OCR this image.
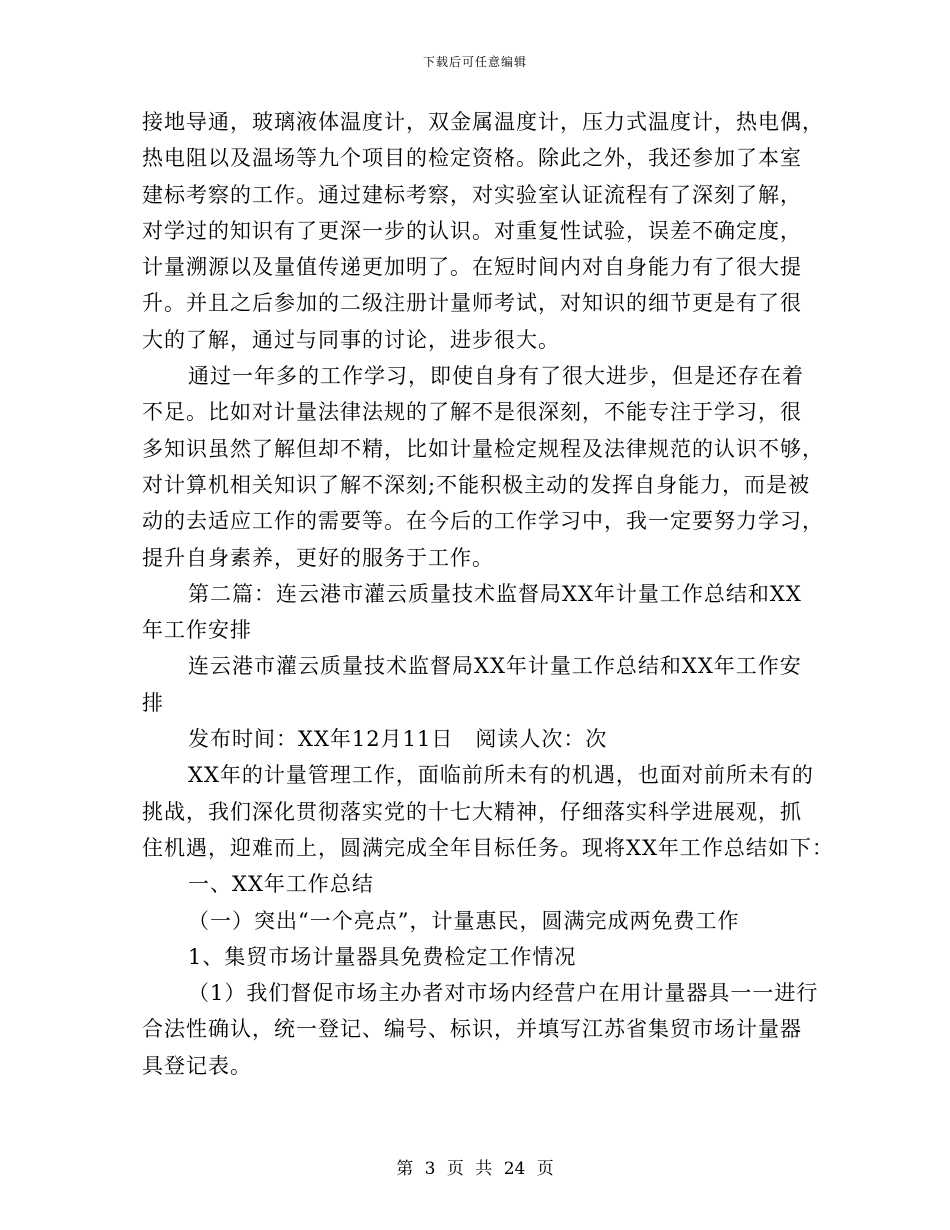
下载后可任意编辑
接地导通，玻璃液体温度计，双金属温度计，压力式温度计，热电偶，
热电阻以及温场等九个项目的检定资格。除此之外，我还参加了本室
建标考察的工作。通过建标考察，对实验室认证流程有了深刻了解，
对学过的知识有了更深一步的认识。对重复性试验，误差不确定度，
计量溯源以及量值传递更加明了。在短时间内对自身能力有了很大提
升。并且之后参加的二级注册计量师考试，对知识的细节更是有了很
大的了解，通过与同事的讨论，进步很大。
通过一年多的工作学习，即使自身有了很大进步，但是还存在着
不足。比如对计量法律法规的了解不是很深刻，不能专注于学习，很
多知识虽然了解但却不精，比如计量检定规程及法律规范的认识不够，
对计算机相关知识了解不深刻;不能积极主动的发挥自身能力，而是被
动的去适应工作的需要等。在今后的工作学习中，我一定要努力学习，
提升自身素养，更好的服务于工作。
第二篇：连云港市灌云质量技术监督局XX年计量工作总结和XX
年工作安排
连云港市灌云质量技术监督局XX年计量工作总结和XX年工作安
排
发布时间：XX年12月11日　阅读人次：次
XX年的计量管理工作，面临前所未有的机遇，也面对前所未有的
挑战，我们深化贯彻落实党的十七大精神，仔细落实科学进展观，抓
住机遇，迎难而上，圆满完成全年目标任务。现将XX年工作总结如下：
一、XX年工作总结
（一）突出“一个亮点”，计量惠民，圆满完成两免费工作
1、集贸市场计量器具免费检定工作情况
（1）我们督促市场主办者对市场内经营户在用计量器具一一进行
合法性确认，统一登记、编号、标识，并填写江苏省集贸市场计量器
具登记表。
第 3 页 共 24 页
